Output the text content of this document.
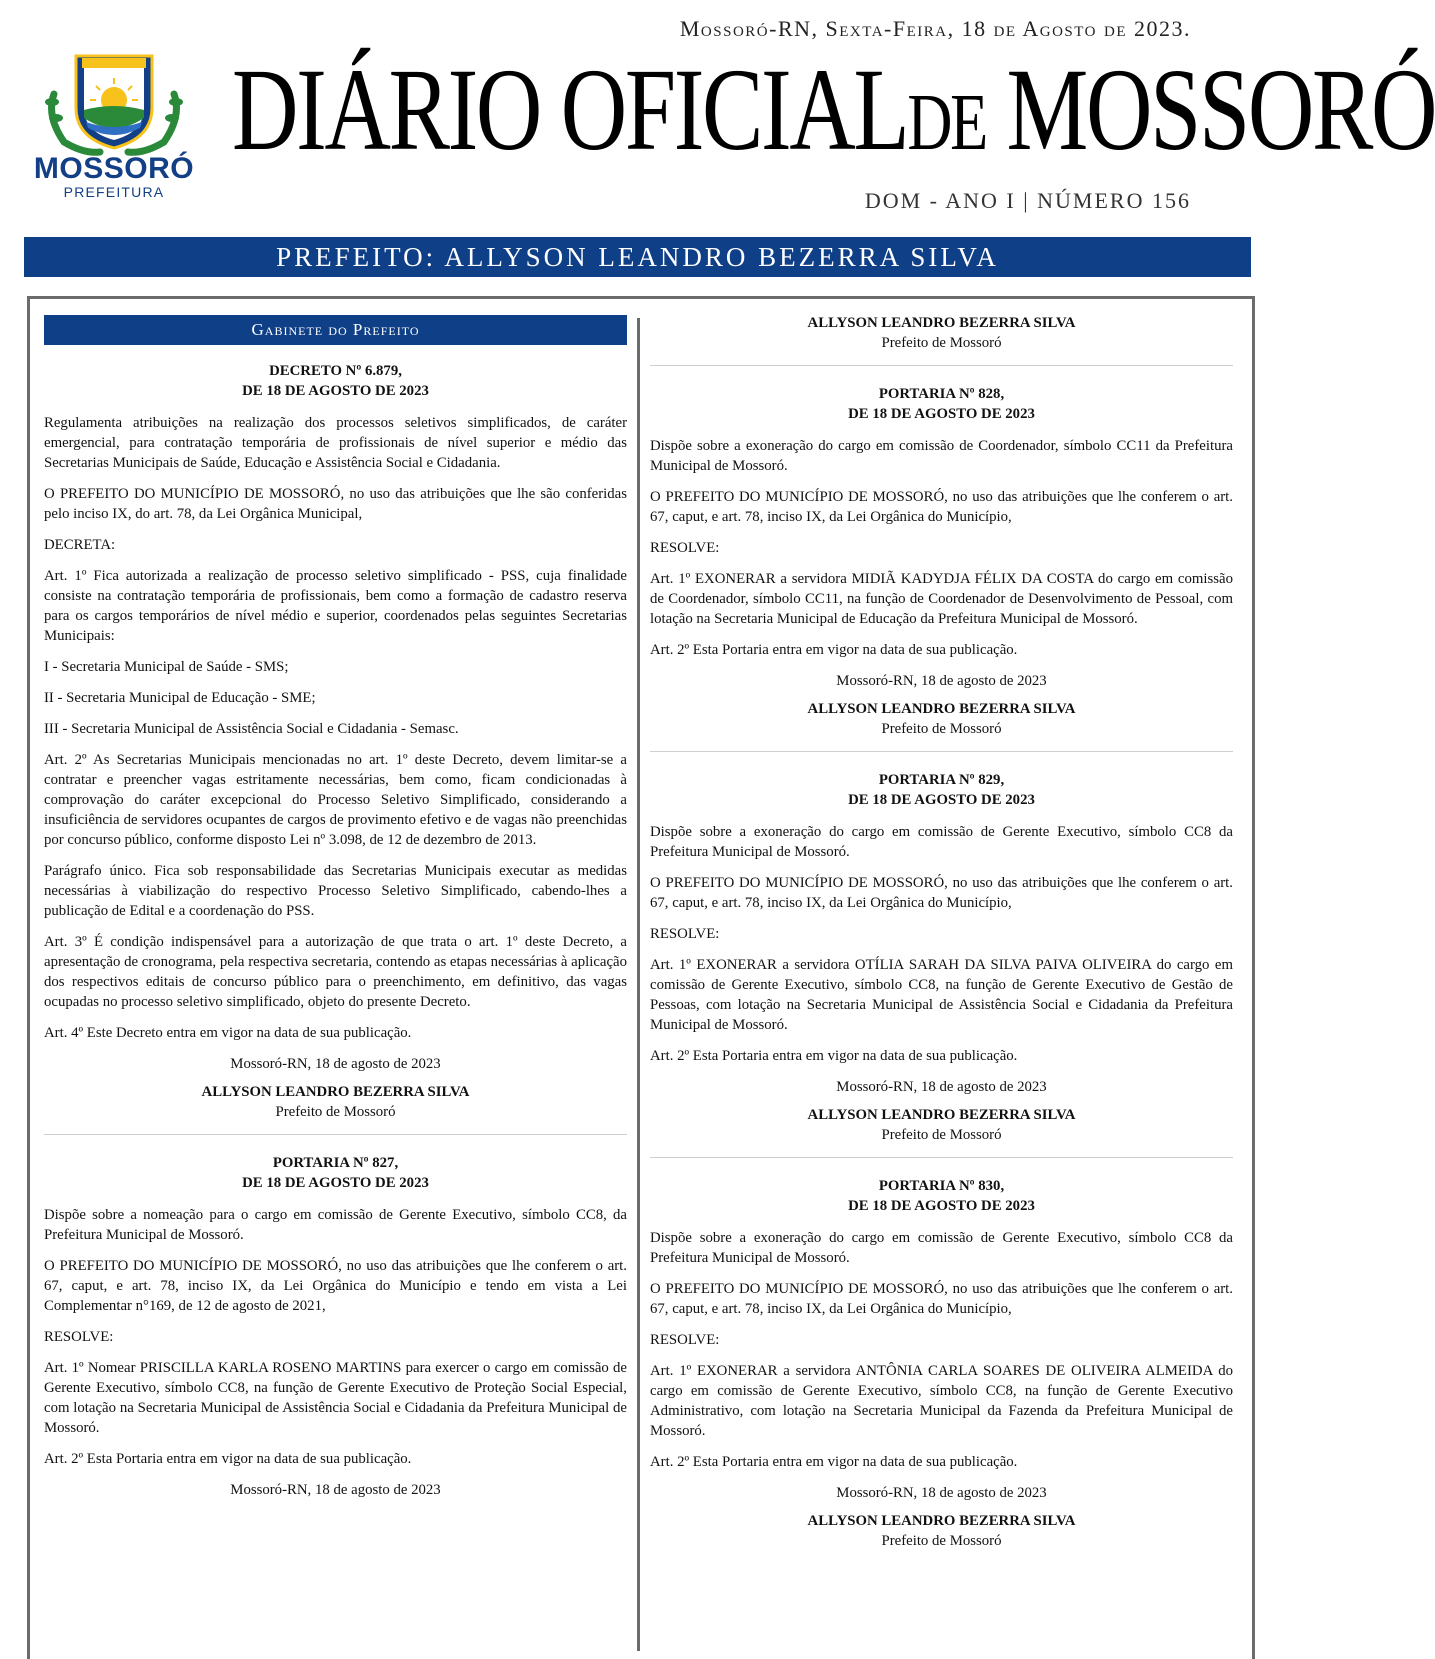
MOSSORÓ
PREFEITURA
Mossoró-RN, Sexta-Feira, 18 de Agosto de 2023.
DIÁRIO OFICIALDE MOSSORÓ
DOM - ANO I | NÚMERO 156
PREFEITO: ALLYSON LEANDRO BEZERRA SILVA
Gabinete do Prefeito
DECRETO Nº 6.879,
DE 18 DE AGOSTO DE 2023

Regulamenta atribuições na realização dos processos seletivos simplificados, de caráter emergencial, para contratação temporária de profissionais de nível superior e médio das Secretarias Municipais de Saúde, Educação e Assistência Social e Cidadania.

O PREFEITO DO MUNICÍPIO DE MOSSORÓ, no uso das atribuições que lhe são conferidas pelo inciso IX, do art. 78, da Lei Orgânica Municipal,

DECRETA:

Art. 1º Fica autorizada a realização de processo seletivo simplificado - PSS, cuja finalidade consiste na contratação temporária de profissionais, bem como a formação de cadastro reserva para os cargos temporários de nível médio e superior, coordenados pelas seguintes Secretarias Municipais:

I - Secretaria Municipal de Saúde - SMS;

II - Secretaria Municipal de Educação - SME;

III - Secretaria Municipal de Assistência Social e Cidadania - Semasc.

Art. 2º As Secretarias Municipais mencionadas no art. 1º deste Decreto, devem limitar-se a contratar e preencher vagas estritamente necessárias, bem como, ficam condicionadas à comprovação do caráter excepcional do Processo Seletivo Simplificado, considerando a insuficiência de servidores ocupantes de cargos de provimento efetivo e de vagas não preenchidas por concurso público, conforme disposto Lei nº 3.098, de 12 de dezembro de 2013.

Parágrafo único. Fica sob responsabilidade das Secretarias Municipais executar as medidas necessárias à viabilização do respectivo Processo Seletivo Simplificado, cabendo-lhes a publicação de Edital e a coordenação do PSS.

Art. 3º É condição indispensável para a autorização de que trata o art. 1º deste Decreto, a apresentação de cronograma, pela respectiva secretaria, contendo as etapas necessárias à aplicação dos respectivos editais de concurso público para o preenchimento, em definitivo, das vagas ocupadas no processo seletivo simplificado, objeto do presente Decreto.

Art. 4º Este Decreto entra em vigor na data de sua publicação.

Mossoró-RN, 18 de agosto de 2023

ALLYSON LEANDRO BEZERRA SILVA

Prefeito de Mossoró

PORTARIA Nº 827,
DE 18 DE AGOSTO DE 2023

Dispõe sobre a nomeação para o cargo em comissão de Gerente Executivo, símbolo CC8, da Prefeitura Municipal de Mossoró.

O PREFEITO DO MUNICÍPIO DE MOSSORÓ, no uso das atribuições que lhe conferem o art. 67, caput, e art. 78, inciso IX, da Lei Orgânica do Município e tendo em vista a Lei Complementar n°169, de 12 de agosto de 2021,

RESOLVE:

Art. 1º Nomear PRISCILLA KARLA ROSENO MARTINS para exercer o cargo em comissão de Gerente Executivo, símbolo CC8, na função de Gerente Executivo de Proteção Social Especial, com lotação na Secretaria Municipal de Assistência Social e Cidadania da Prefeitura Municipal de Mossoró.

Art. 2º Esta Portaria entra em vigor na data de sua publicação.

Mossoró-RN, 18 de agosto de 2023

ALLYSON LEANDRO BEZERRA SILVA

Prefeito de Mossoró

PORTARIA Nº 828,
DE 18 DE AGOSTO DE 2023

Dispõe sobre a exoneração do cargo em comissão de Coordenador, símbolo CC11 da Prefeitura Municipal de Mossoró.

O PREFEITO DO MUNICÍPIO DE MOSSORÓ, no uso das atribuições que lhe conferem o art. 67, caput, e art. 78, inciso IX, da Lei Orgânica do Município,

RESOLVE:

Art. 1º EXONERAR a servidora MIDIÃ KADYDJA FÉLIX DA COSTA do cargo em comissão de Coordenador, símbolo CC11, na função de Coordenador de Desenvolvimento de Pessoal, com lotação na Secretaria Municipal de Educação da Prefeitura Municipal de Mossoró.

Art. 2º Esta Portaria entra em vigor na data de sua publicação.

Mossoró-RN, 18 de agosto de 2023

ALLYSON LEANDRO BEZERRA SILVA

Prefeito de Mossoró

PORTARIA Nº 829,
DE 18 DE AGOSTO DE 2023

Dispõe sobre a exoneração do cargo em comissão de Gerente Executivo, símbolo CC8 da Prefeitura Municipal de Mossoró.

O PREFEITO DO MUNICÍPIO DE MOSSORÓ, no uso das atribuições que lhe conferem o art. 67, caput, e art. 78, inciso IX, da Lei Orgânica do Município,

RESOLVE:

Art. 1º EXONERAR a servidora OTÍLIA SARAH DA SILVA PAIVA OLIVEIRA do cargo em comissão de Gerente Executivo, símbolo CC8, na função de Gerente Executivo de Gestão de Pessoas, com lotação na Secretaria Municipal de Assistência Social e Cidadania da Prefeitura Municipal de Mossoró.

Art. 2º Esta Portaria entra em vigor na data de sua publicação.

Mossoró-RN, 18 de agosto de 2023

ALLYSON LEANDRO BEZERRA SILVA

Prefeito de Mossoró

PORTARIA Nº 830,
DE 18 DE AGOSTO DE 2023

Dispõe sobre a exoneração do cargo em comissão de Gerente Executivo, símbolo CC8 da Prefeitura Municipal de Mossoró.

O PREFEITO DO MUNICÍPIO DE MOSSORÓ, no uso das atribuições que lhe conferem o art. 67, caput, e art. 78, inciso IX, da Lei Orgânica do Município,

RESOLVE:

Art. 1º EXONERAR a servidora ANTÔNIA CARLA SOARES DE OLIVEIRA ALMEIDA do cargo em comissão de Gerente Executivo, símbolo CC8, na função de Gerente Executivo Administrativo, com lotação na Secretaria Municipal da Fazenda da Prefeitura Municipal de Mossoró.

Art. 2º Esta Portaria entra em vigor na data de sua publicação.

Mossoró-RN, 18 de agosto de 2023

ALLYSON LEANDRO BEZERRA SILVA

Prefeito de Mossoró
